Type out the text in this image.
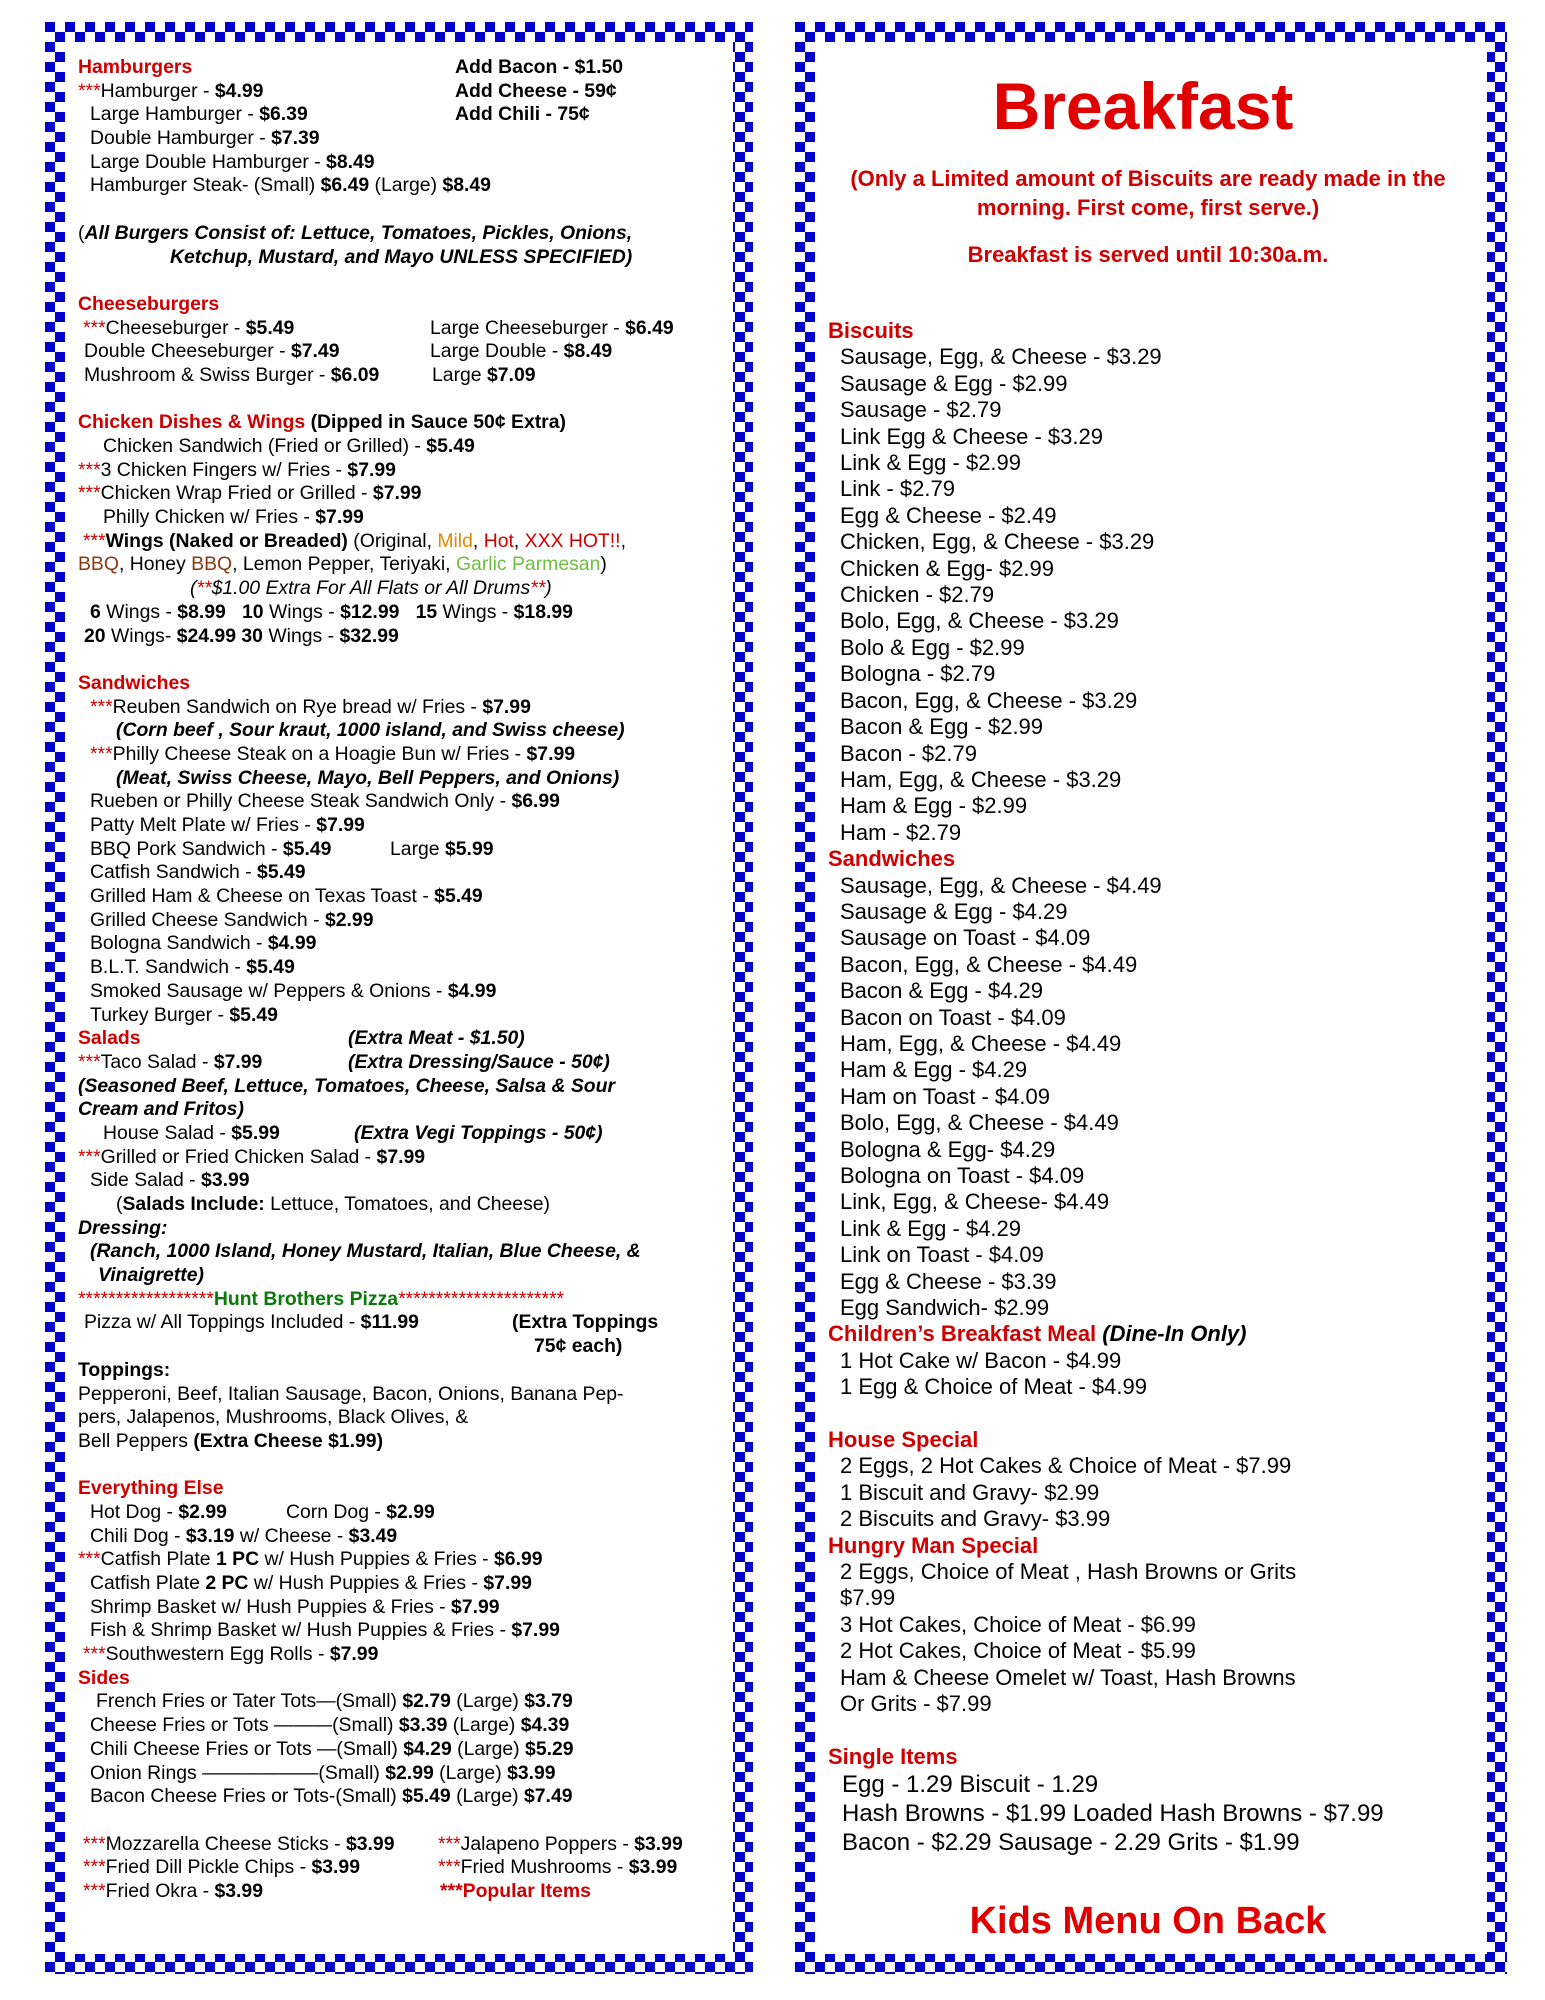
Add Bacon - $1.50
Add Cheese - 59¢
Add Chili - 75¢
Hamburgers
***Hamburger - $4.99
Large Hamburger - $6.39
Double Hamburger - $7.39
Large Double Hamburger - $8.49
Hamburger Steak- (Small) $6.49 (Large) $8.49
(All Burgers Consist of: Lettuce, Tomatoes, Pickles, Onions,
Ketchup, Mustard, and Mayo UNLESS SPECIFIED)
Cheeseburgers
***Cheeseburger - $5.49	Large Cheeseburger - $6.49
Double Cheeseburger - $7.49	Large Double - $8.49
Mushroom & Swiss Burger - $6.09	Large $7.09
Chicken Dishes & Wings (Dipped in Sauce 50¢ Extra)
Chicken Sandwich (Fried or Grilled) - $5.49
***3 Chicken Fingers w/ Fries - $7.99
***Chicken Wrap Fried or Grilled - $7.99
Philly Chicken w/ Fries - $7.99
***Wings (Naked or Breaded) (Original, Mild, Hot, XXX HOT!!,
BBQ, Honey BBQ, Lemon Pepper, Teriyaki, Garlic Parmesan)
(**$1.00 Extra For All Flats or All Drums**)
6 Wings - $8.99 10 Wings - $12.99 15 Wings - $18.99
20 Wings- $24.99 30 Wings - $32.99
Sandwiches
***Reuben Sandwich on Rye bread w/ Fries - $7.99
(Corn beef , Sour kraut, 1000 island, and Swiss cheese)
***Philly Cheese Steak on a Hoagie Bun w/ Fries - $7.99
(Meat, Swiss Cheese, Mayo, Bell Peppers, and Onions)
Rueben or Philly Cheese Steak Sandwich Only - $6.99
Patty Melt Plate w/ Fries - $7.99
BBQ Pork Sandwich - $5.49	Large $5.99
Catfish Sandwich - $5.49
Grilled Ham & Cheese on Texas Toast - $5.49
Grilled Cheese Sandwich - $2.99
Bologna Sandwich - $4.99
B.L.T. Sandwich - $5.49
Smoked Sausage w/ Peppers & Onions - $4.99
Turkey Burger - $5.49
Salads	(Extra Meat - $1.50)
***Taco Salad - $7.99	(Extra Dressing/Sauce - 50¢)
(Seasoned Beef, Lettuce, Tomatoes, Cheese, Salsa & Sour
Cream and Fritos)
House Salad - $5.99	(Extra Vegi Toppings - 50¢)
***Grilled or Fried Chicken Salad - $7.99
Side Salad - $3.99
(Salads Include: Lettuce, Tomatoes, and Cheese)
Dressing:
(Ranch, 1000 Island, Honey Mustard, Italian, Blue Cheese, &
Vinaigrette)
******************Hunt Brothers Pizza**********************
Pizza w/ All Toppings Included - $11.99	(Extra Toppings
75¢ each)
Toppings:
Pepperoni, Beef, Italian Sausage, Bacon, Onions, Banana Pep-
pers, Jalapenos, Mushrooms, Black Olives, &
Bell Peppers (Extra Cheese $1.99)
Everything Else
Hot Dog - $2.99	Corn Dog - $2.99
Chili Dog - $3.19 w/ Cheese - $3.49
***Catfish Plate 1 PC w/ Hush Puppies & Fries - $6.99
Catfish Plate 2 PC w/ Hush Puppies & Fries - $7.99
Shrimp Basket w/ Hush Puppies & Fries - $7.99
Fish & Shrimp Basket w/ Hush Puppies & Fries - $7.99
***Southwestern Egg Rolls - $7.99
Sides
French Fries or Tater Tots—(Small) $2.79 (Large) $3.79
Cheese Fries or Tots ———(Small) $3.39 (Large) $4.39
Chili Cheese Fries or Tots —(Small) $4.29 (Large) $5.29
Onion Rings ——————(Small) $2.99 (Large) $3.99
Bacon Cheese Fries or Tots-(Small) $5.49 (Large) $7.49
***Mozzarella Cheese Sticks - $3.99 ***Jalapeno Poppers - $3.99
***Fried Dill Pickle Chips - $3.99	***Fried Mushrooms - $3.99
***Fried Okra - $3.99	***Popular Items
Breakfast
(Only a Limited amount of Biscuits are ready made in the morning. First come, first serve.)
Breakfast is served until 10:30a.m.
Biscuits
Sausage, Egg, & Cheese - $3.29
Sausage & Egg - $2.99
Sausage - $2.79
Link Egg & Cheese - $3.29
Link & Egg - $2.99
Link - $2.79
Egg & Cheese - $2.49
Chicken, Egg, & Cheese - $3.29
Chicken & Egg- $2.99
Chicken - $2.79
Bolo, Egg, & Cheese - $3.29
Bolo & Egg - $2.99
Bologna - $2.79
Bacon, Egg, & Cheese - $3.29
Bacon & Egg - $2.99
Bacon - $2.79
Ham, Egg, & Cheese - $3.29
Ham & Egg - $2.99
Ham - $2.79
Sandwiches
Sausage, Egg, & Cheese - $4.49
Sausage & Egg - $4.29
Sausage on Toast - $4.09
Bacon, Egg, & Cheese - $4.49
Bacon & Egg - $4.29
Bacon on Toast - $4.09
Ham, Egg, & Cheese - $4.49
Ham & Egg - $4.29
Ham on Toast - $4.09
Bolo, Egg, & Cheese - $4.49
Bologna & Egg- $4.29
Bologna on Toast - $4.09
Link, Egg, & Cheese- $4.49
Link & Egg - $4.29
Link on Toast - $4.09
Egg & Cheese - $3.39
Egg Sandwich- $2.99
Children’s Breakfast Meal (Dine-In Only)
1 Hot Cake w/ Bacon - $4.99
1 Egg & Choice of Meat - $4.99
House Special
2 Eggs, 2 Hot Cakes & Choice of Meat - $7.99
1 Biscuit and Gravy- $2.99
2 Biscuits and Gravy- $3.99
Hungry Man Special
2 Eggs, Choice of Meat , Hash Browns or Grits
$7.99
3 Hot Cakes, Choice of Meat - $6.99
2 Hot Cakes, Choice of Meat - $5.99
Ham & Cheese Omelet w/ Toast, Hash Browns
Or Grits - $7.99
Single Items
Egg - 1.29 Biscuit - 1.29
Hash Browns - $1.99 Loaded Hash Browns - $7.99
Bacon - $2.29 Sausage - 2.29 Grits - $1.99
Kids Menu On Back
